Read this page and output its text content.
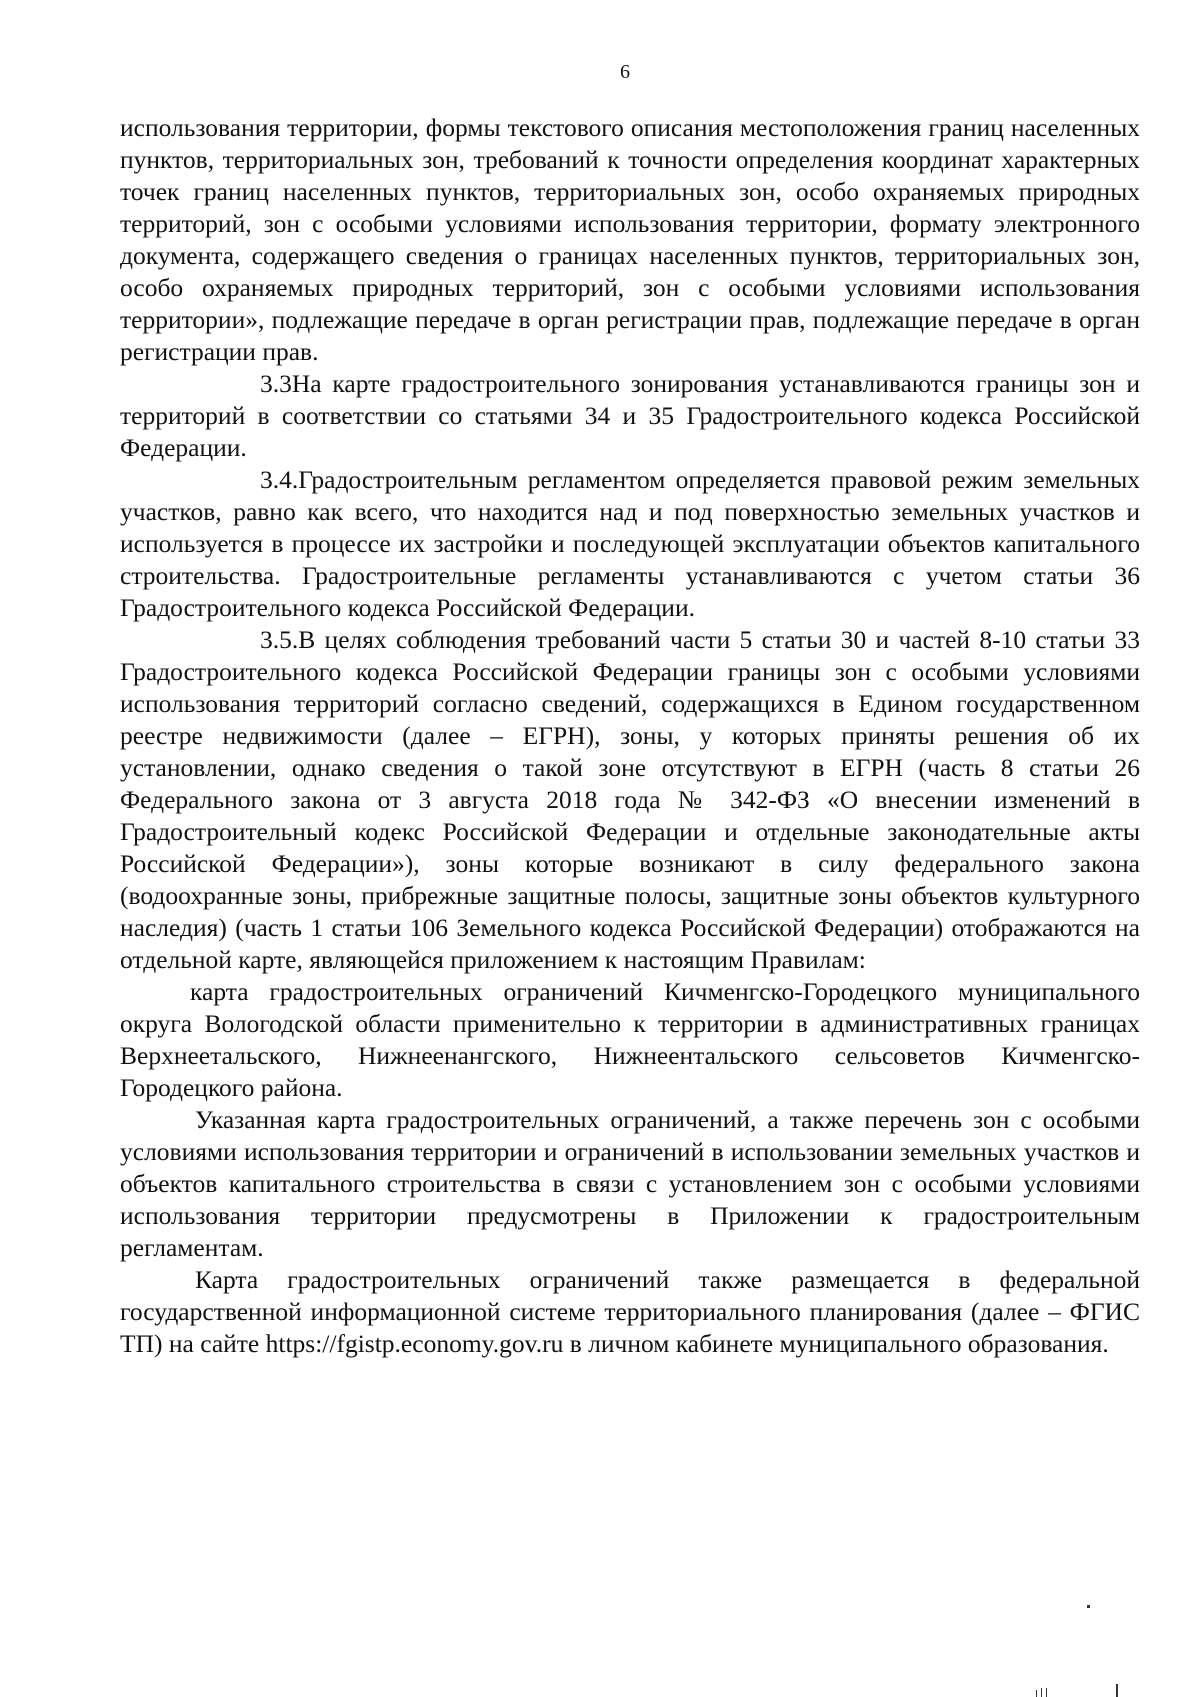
6

использования территории, формы текстового описания местоположения границ населенных пунктов, территориальных зон, требований к точности определения координат характерных точек границ населенных пунктов, территориальных зон, особо охраняемых природных территорий, зон с особыми условиями использования территории, формату электронного документа, содержащего сведения о границах населенных пунктов, территориальных зон, особо охраняемых природных территорий, зон с особыми условиями использования территории», подлежащие передаче в орган регистрации прав, подлежащие передаче в орган регистрации прав.

3.3На карте градостроительного зонирования устанавливаются границы зон и территорий в соответствии со статьями 34 и 35 Градостроительного кодекса Российской Федерации.

3.4.Градостроительным регламентом определяется правовой режим земельных участков, равно как всего, что находится над и под поверхностью земельных участков и используется в процессе их застройки и последующей эксплуатации объектов капитального строительства. Градостроительные регламенты устанавливаются с учетом статьи 36 Градостроительного кодекса Российской Федерации.

3.5.В целях соблюдения требований части 5 статьи 30 и частей 8-10 статьи 33 Градостроительного кодекса Российской Федерации границы зон с особыми условиями использования территорий согласно сведений, содержащихся в Едином государственном реестре недвижимости (далее – ЕГРН), зоны, у которых приняты решения об их установлении, однако сведения о такой зоне отсутствуют в ЕГРН (часть 8 статьи 26 Федерального закона от 3 августа 2018 года № 342-ФЗ «О внесении изменений в Градостроительный кодекс Российской Федерации и отдельные законодательные акты Российской Федерации»), зоны которые возникают в силу федерального закона (водоохранные зоны, прибрежные защитные полосы, защитные зоны объектов культурного наследия) (часть 1 статьи 106 Земельного кодекса Российской Федерации) отображаются на отдельной карте, являющейся приложением к настоящим Правилам:

карта градостроительных ограничений Кичменгско-Городецкого муниципального округа Вологодской области применительно к территории в административных границах Верхнеетальского, Нижнеенангского, Нижнеентальского сельсоветов Кичменгско-Городецкого района.

Указанная карта градостроительных ограничений, а также перечень зон с особыми условиями использования территории и ограничений в использовании земельных участков и объектов капитального строительства в связи с установлением зон с особыми условиями использования территории предусмотрены в Приложении к градостроительным регламентам.

Карта градостроительных ограничений также размещается в федеральной государственной информационной системе территориального планирования (далее – ФГИС ТП) на сайте https://fgistp.economy.gov.ru в личном кабинете муниципального образования.
